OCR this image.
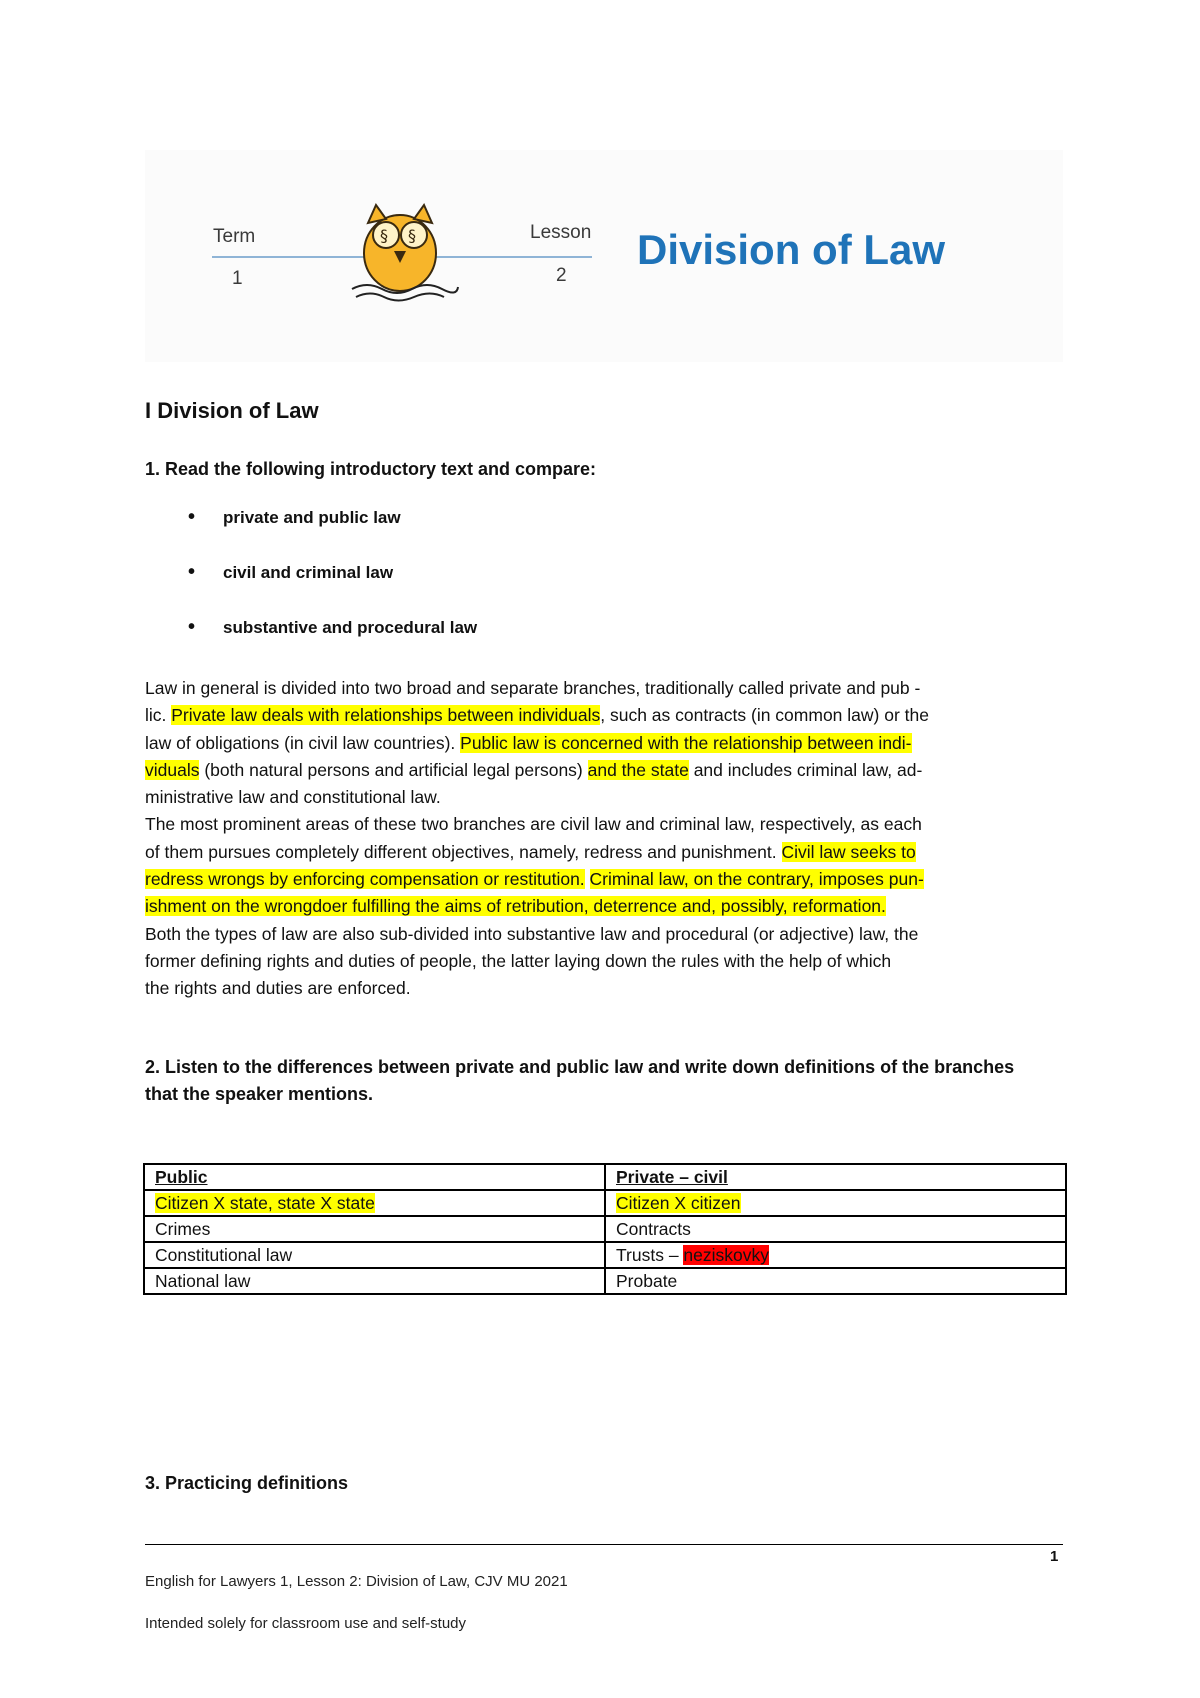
Term
1
Lesson
2
§ §	Division of Law
I Division of Law
1. Read the following introductory text and compare:
• private and public law
• civil and criminal law
• substantive and procedural law
Law in general is divided into two broad and separate branches, traditionally called private and pub -
lic. Private law deals with relationships between individuals, such as contracts (in common law) or the
law of obligations (in civil law countries). Public law is concerned with the relationship between indi-
viduals (both natural persons and artificial legal persons) and the state and includes criminal law, ad-
ministrative law and constitutional law.
The most prominent areas of these two branches are civil law and criminal law, respectively, as each
of them pursues completely different objectives, namely, redress and punishment. Civil law seeks to
redress wrongs by enforcing compensation or restitution. Criminal law, on the contrary, imposes pun-
ishment on the wrongdoer fulfilling the aims of retribution, deterrence and, possibly, reformation.
Both the types of law are also sub-divided into substantive law and procedural (or adjective) law, the
former defining rights and duties of people, the latter laying down the rules with the help of which
the rights and duties are enforced.
2. Listen to the differences between private and public law and write down definitions of the branches that the speaker mentions.
Public	Private – civil
Citizen X state, state X state	Citizen X citizen
Crimes	Contracts
Constitutional law	Trusts – neziskovky
National law	Probate
3. Practicing definitions
1
English for Lawyers 1, Lesson 2: Division of Law, CJV MU 2021
Intended solely for classroom use and self-study
